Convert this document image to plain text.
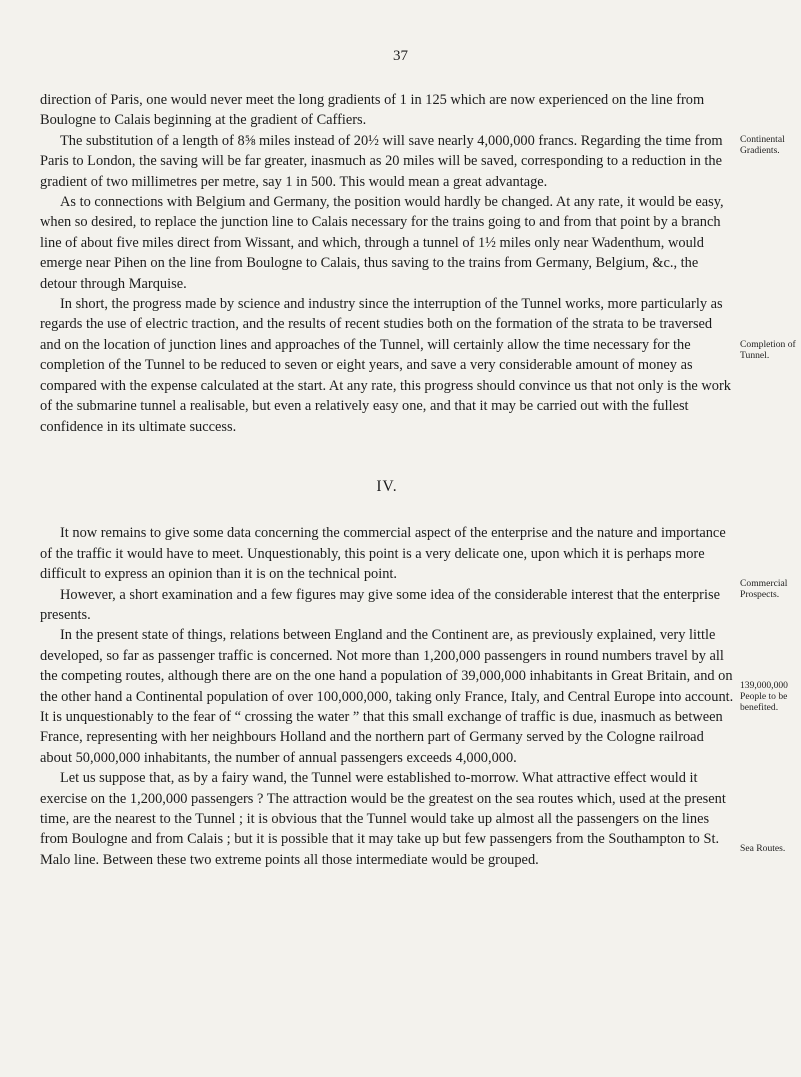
37

direction of Paris, one would never meet the long gradients of 1 in 125 which are now experienced on the line from Boulogne to Calais beginning at the gradient of Caffiers.

The substitution of a length of 8⅝ miles instead of 20½ will save nearly 4,000,000 francs. Regarding the time from Paris to London, the saving will be far greater, inasmuch as 20 miles will be saved, corresponding to a reduction in the gradient of two millimetres per metre, say 1 in 500. This would mean a great advantage.

As to connections with Belgium and Germany, the position would hardly be changed. At any rate, it would be easy, when so desired, to replace the junction line to Calais necessary for the trains going to and from that point by a branch line of about five miles direct from Wissant, and which, through a tunnel of 1½ miles only near Wadenthum, would emerge near Pihen on the line from Boulogne to Calais, thus saving to the trains from Germany, Belgium, &c., the detour through Marquise.

In short, the progress made by science and industry since the interruption of the Tunnel works, more particularly as regards the use of electric traction, and the results of recent studies both on the formation of the strata to be traversed and on the location of junction lines and approaches of the Tunnel, will certainly allow the time necessary for the completion of the Tunnel to be reduced to seven or eight years, and save a very considerable amount of money as compared with the expense calculated at the start. At any rate, this progress should convince us that not only is the work of the submarine tunnel a realisable, but even a relatively easy one, and that it may be carried out with the fullest confidence in its ultimate success.

IV.

It now remains to give some data concerning the commercial aspect of the enterprise and the nature and importance of the traffic it would have to meet. Unquestionably, this point is a very delicate one, upon which it is perhaps more difficult to express an opinion than it is on the technical point.

However, a short examination and a few figures may give some idea of the considerable interest that the enterprise presents.

In the present state of things, relations between England and the Continent are, as previously explained, very little developed, so far as passenger traffic is concerned. Not more than 1,200,000 passengers in round numbers travel by all the competing routes, although there are on the one hand a population of 39,000,000 inhabitants in Great Britain, and on the other hand a Continental population of over 100,000,000, taking only France, Italy, and Central Europe into account. It is unquestionably to the fear of “ crossing the water ” that this small exchange of traffic is due, inasmuch as between France, representing with her neighbours Holland and the northern part of Germany served by the Cologne railroad about 50,000,000 inhabitants, the number of annual passengers exceeds 4,000,000.

Let us suppose that, as by a fairy wand, the Tunnel were established to-morrow. What attractive effect would it exercise on the 1,200,000 passengers ? The attraction would be the greatest on the sea routes which, used at the present time, are the nearest to the Tunnel ; it is obvious that the Tunnel would take up almost all the passengers on the lines from Boulogne and from Calais ; but it is possible that it may take up but few passengers from the Southampton to St. Malo line. Between these two extreme points all those intermediate would be grouped.

Continental Gradients.
Completion of Tunnel.
Commercial Prospects.
139,000,000 People to be benefited.
Sea Routes.
